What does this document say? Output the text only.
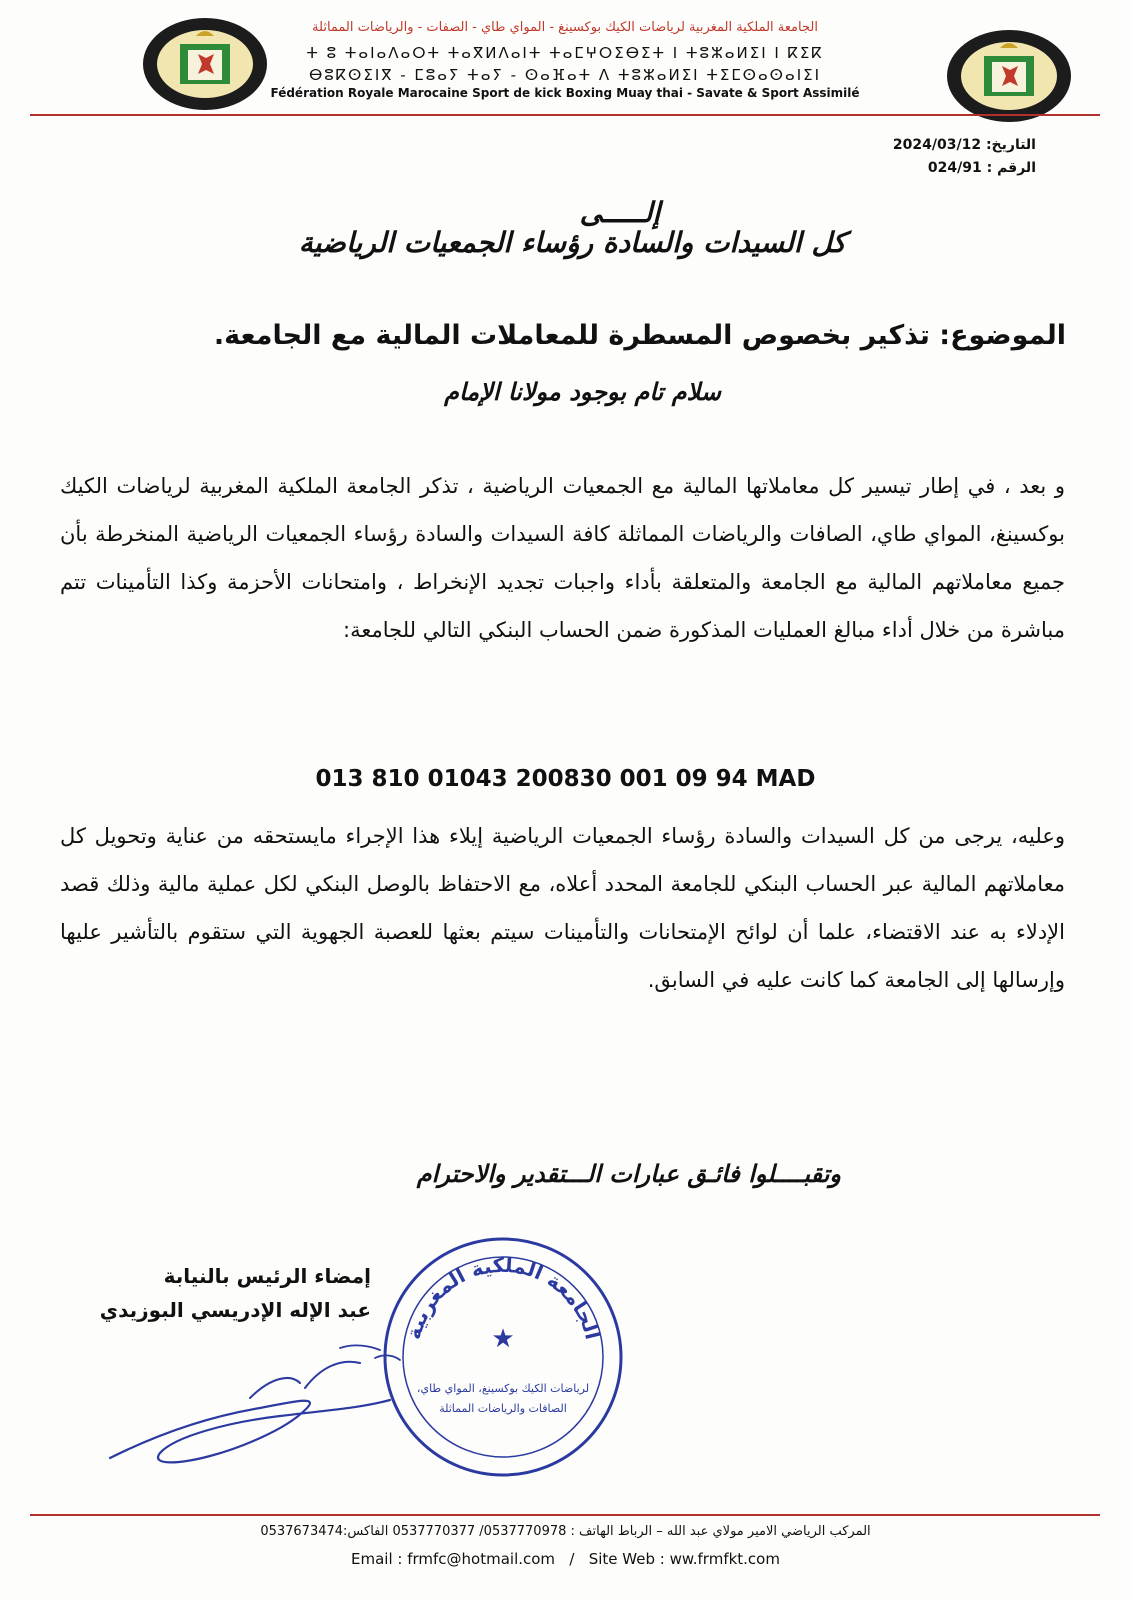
الجامعة الملكية المغربية لرياضات الكيك بوكسينغ - المواي طاي - الصفات - والرياضات المماثلة
ⵜ ⵓ ⵜⴰⵏⴰⴷⴰⵔⵜ ⵜⴰⴳⵍⴷⴰⵏⵜ ⵜⴰⵎⵖⵔⵉⴱⵉⵜ ⵏ ⵜⵓⵣⴰⵍⵉⵏ ⵏ ⴽⵉⴽ
ⴱⵓⴽⵙⵉⵏⴳ - ⵎⵓⴰⵢ ⵜⴰⵢ - ⵙⴰⴼⴰⵜ ⴷ ⵜⵓⵣⴰⵍⵉⵏ ⵜⵉⵎⵙⴰⵙⴰⵏⵉⵏ
Fédération Royale Marocaine Sport de kick Boxing Muay thai - Savate & Sport Assimilé
التاريخ: 2024/03/12
الرقم : 024/91
إلـــــى
كل السيدات والسادة رؤساء الجمعيات الرياضية
الموضوع: تذكير بخصوص المسطرة للمعاملات المالية مع الجامعة.
سلام تام بوجود مولانا الإمام
و بعد ، في إطار تيسير كل معاملاتها المالية مع الجمعيات الرياضية ، تذكر الجامعة الملكية المغربية لرياضات الكيك بوكسينغ، المواي طاي، الصافات والرياضات المماثلة كافة السيدات والسادة رؤساء الجمعيات الرياضية المنخرطة بأن جميع معاملاتهم المالية مع الجامعة والمتعلقة بأداء واجبات تجديد الإنخراط ، وامتحانات الأحزمة وكذا التأمينات تتم مباشرة من خلال أداء مبالغ العمليات المذكورة ضمن الحساب البنكي التالي للجامعة:
013 810 01043 200830 001 09 94 MAD
وعليه، يرجى من كل السيدات والسادة رؤساء الجمعيات الرياضية إيلاء هذا الإجراء مايستحقه من عناية وتحويل كل معاملاتهم المالية عبر الحساب البنكي للجامعة المحدد أعلاه، مع الاحتفاظ بالوصل البنكي لكل عملية مالية وذلك قصد الإدلاء به عند الاقتضاء، علما أن لوائح الإمتحانات والتأمينات سيتم بعثها للعصبة الجهوية التي ستقوم بالتأشير عليها وإرسالها إلى الجامعة كما كانت عليه في السابق.
وتقبــــلوا فائـق عبارات الـــتقدير والاحترام
إمضاء الرئيس بالنيابة
عبد الإله الإدريسي البوزيدي
الجامعة الملكية المغربية
★
لرياضات الكيك بوكسينغ، المواي طاي،
الصافات والرياضات المماثلة
المركب الرياضي الامير مولاي عبد الله – الرباط الهاتف : 0537770978/ 0537770377 الفاكس:0537673474
Email : frmfc@hotmail.com / Site Web : ww.frmfkt.com
